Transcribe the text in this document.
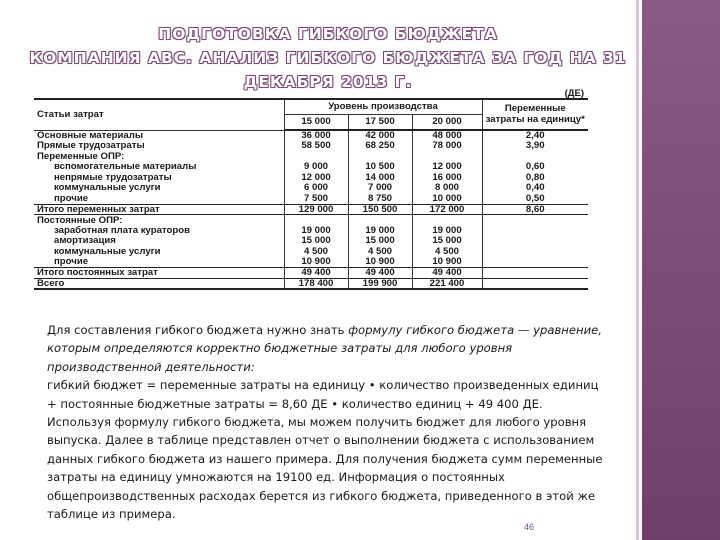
ПОДГОТОВКА ГИБКОГО БЮДЖЕТА
КОМПАНИЯ ABC. АНАЛИЗ ГИБКОГО БЮДЖЕТА ЗА ГОД НА 31
ДЕКАБРЯ 2013 Г.
(ДЕ)
Статьи затрат	Уровень производства			Переменные затраты на единицу*
	15 000	17 500	20 000	
Основные материалы	36 000	42 000	48 000	2,40
Прямые трудозатраты	58 500	68 250	78 000	3,90
Переменные ОПР:				
вспомогательные материалы	9 000	10 500	12 000	0,60
непрямые трудозатраты	12 000	14 000	16 000	0,80
коммунальные услуги	6 000	7 000	8 000	0,40
прочие	7 500	8 750	10 000	0,50
Итого переменных затрат	129 000	150 500	172 000	8,60
Постоянные ОПР:				
заработная плата кураторов	19 000	19 000	19 000	
амортизация	15 000	15 000	15 000	
коммунальные услуги	4 500	4 500	4 500	
прочие	10 900	10 900	10 900	
Итого постоянных затрат	49 400	49 400	49 400	
Всего	178 400	199 900	221 400	

Для составления гибкого бюджета нужно знать формулу гибкого бюджета — уравнение, которым определяются корректно бюджетные затраты для любого уровня производственной деятельности:

гибкий бюджет = переменные затраты на единицу • количество произведенных единиц + постоянные бюджетные затраты = 8,60 ДЕ • количество единиц + 49 400 ДЕ. Используя формулу гибкого бюджета, мы можем получить бюджет для любого уровня выпуска. Далее в таблице представлен отчет о выполнении бюджета с использованием данных гибкого бюджета из нашего примера. Для получения бюджета сумм переменные затраты на единицу умножаются на 19100 ед. Информация о постоянных общепроизводственных расходах берется из гибкого бюджета, приведенного в этой же таблице из примера.

46
